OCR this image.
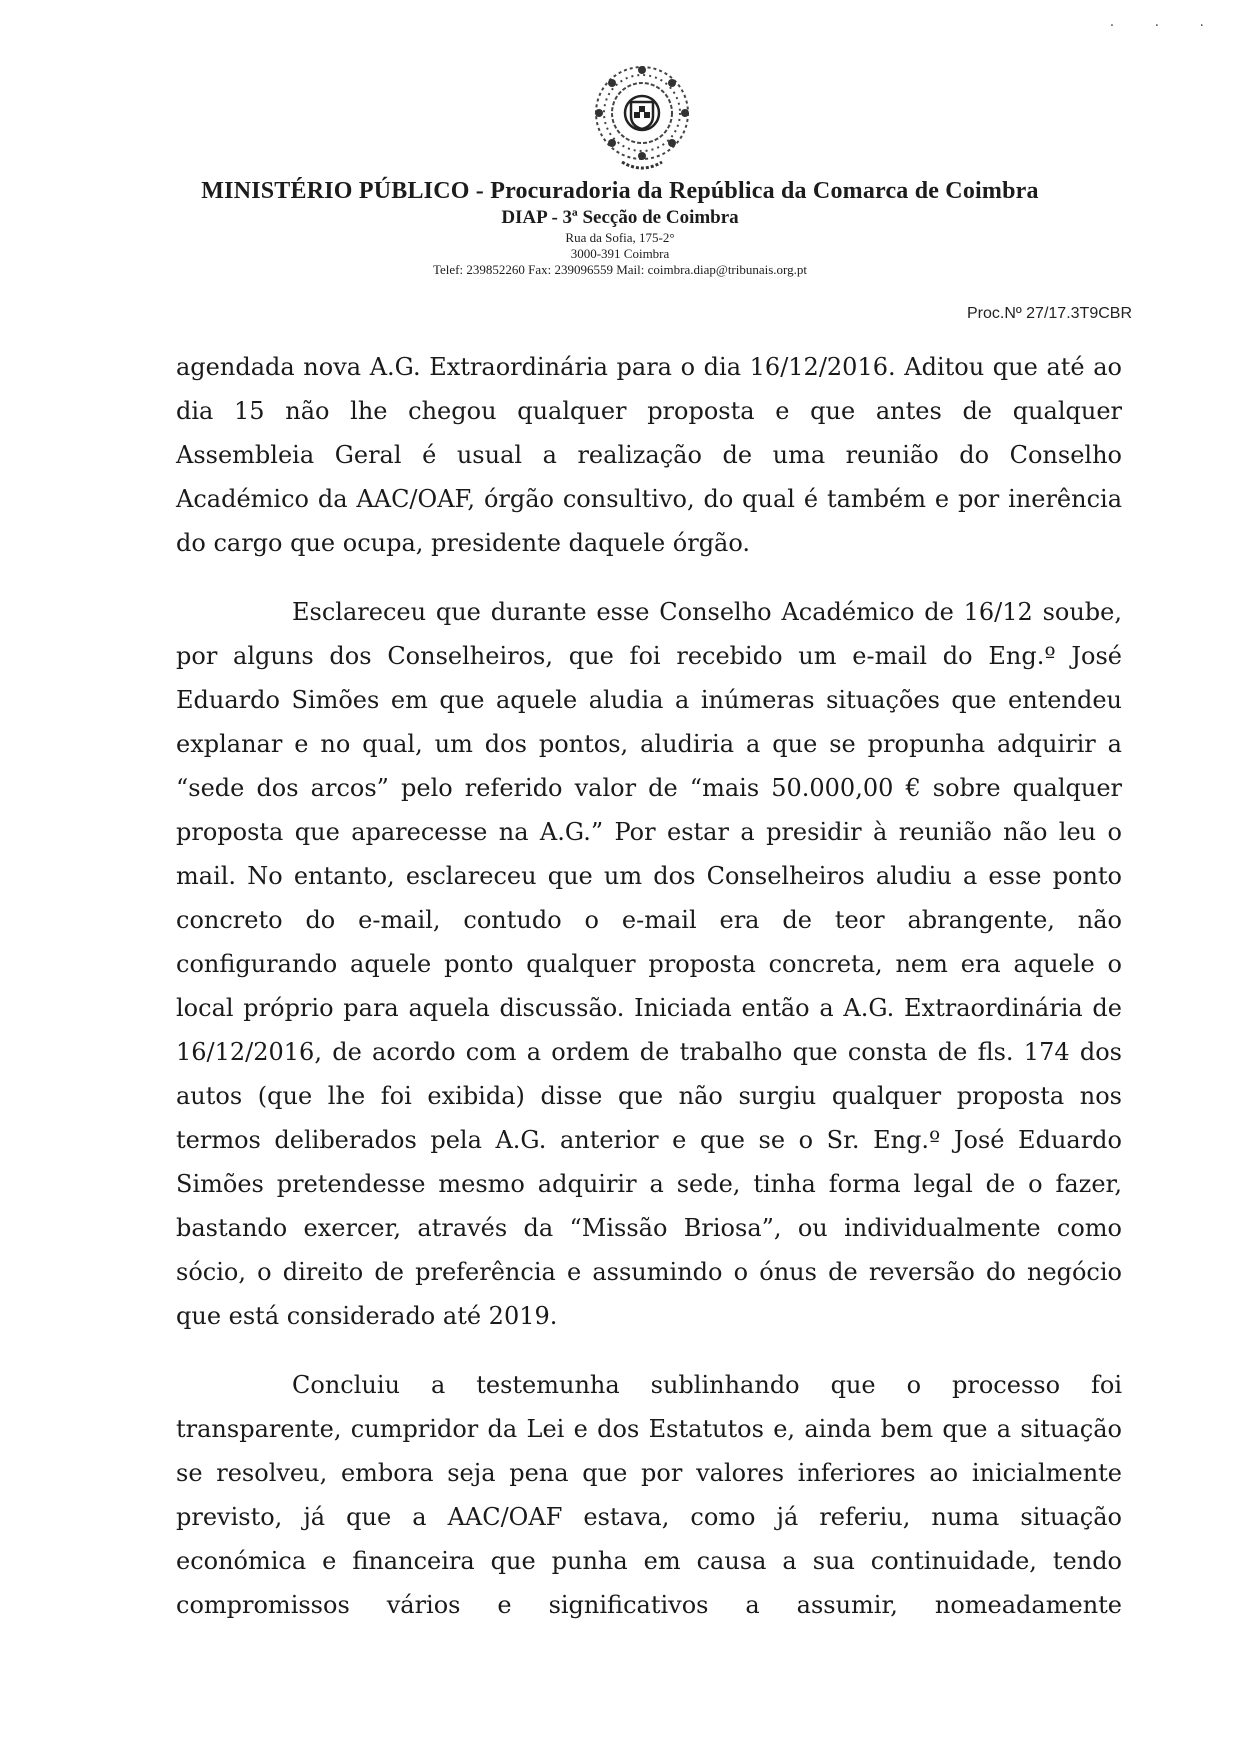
. . .
MINISTÉRIO PÚBLICO - Procuradoria da República da Comarca de Coimbra
DIAP - 3ª Secção de Coimbra
Rua da Sofia, 175-2°
3000-391 Coimbra
Telef: 239852260 Fax: 239096559 Mail: coimbra.diap@tribunais.org.pt
Proc.Nº 27/17.3T9CBR

agendada nova A.G. Extraordinária para o dia 16/12/2016. Aditou que até ao dia 15 não lhe chegou qualquer proposta e que antes de qualquer Assembleia Geral é usual a realização de uma reunião do Conselho Académico da AAC/OAF, órgão consultivo, do qual é também e por inerência do cargo que ocupa, presidente daquele órgão.

Esclareceu que durante esse Conselho Académico de 16/12 soube, por alguns dos Conselheiros, que foi recebido um e-mail do Eng.º José Eduardo Simões em que aquele aludia a inúmeras situações que entendeu explanar e no qual, um dos pontos, aludiria a que se propunha adquirir a “sede dos arcos” pelo referido valor de “mais 50.000,00 € sobre qualquer proposta que aparecesse na A.G.” Por estar a presidir à reunião não leu o mail. No entanto, esclareceu que um dos Conselheiros aludiu a esse ponto concreto do e-mail, contudo o e-mail era de teor abrangente, não configurando aquele ponto qualquer proposta concreta, nem era aquele o local próprio para aquela discussão. Iniciada então a A.G. Extraordinária de 16/12/2016, de acordo com a ordem de trabalho que consta de fls. 174 dos autos (que lhe foi exibida) disse que não surgiu qualquer proposta nos termos deliberados pela A.G. anterior e que se o Sr. Eng.º José Eduardo Simões pretendesse mesmo adquirir a sede, tinha forma legal de o fazer, bastando exercer, através da “Missão Briosa”, ou individualmente como sócio, o direito de preferência e assumindo o ónus de reversão do negócio que está considerado até 2019.

Concluiu a testemunha sublinhando que o processo foi transparente, cumpridor da Lei e dos Estatutos e, ainda bem que a situação se resolveu, embora seja pena que por valores inferiores ao inicialmente previsto, já que a AAC/OAF estava, como já referiu, numa situação económica e financeira que punha em causa a sua continuidade, tendo compromissos vários e significativos a assumir, nomeadamente
